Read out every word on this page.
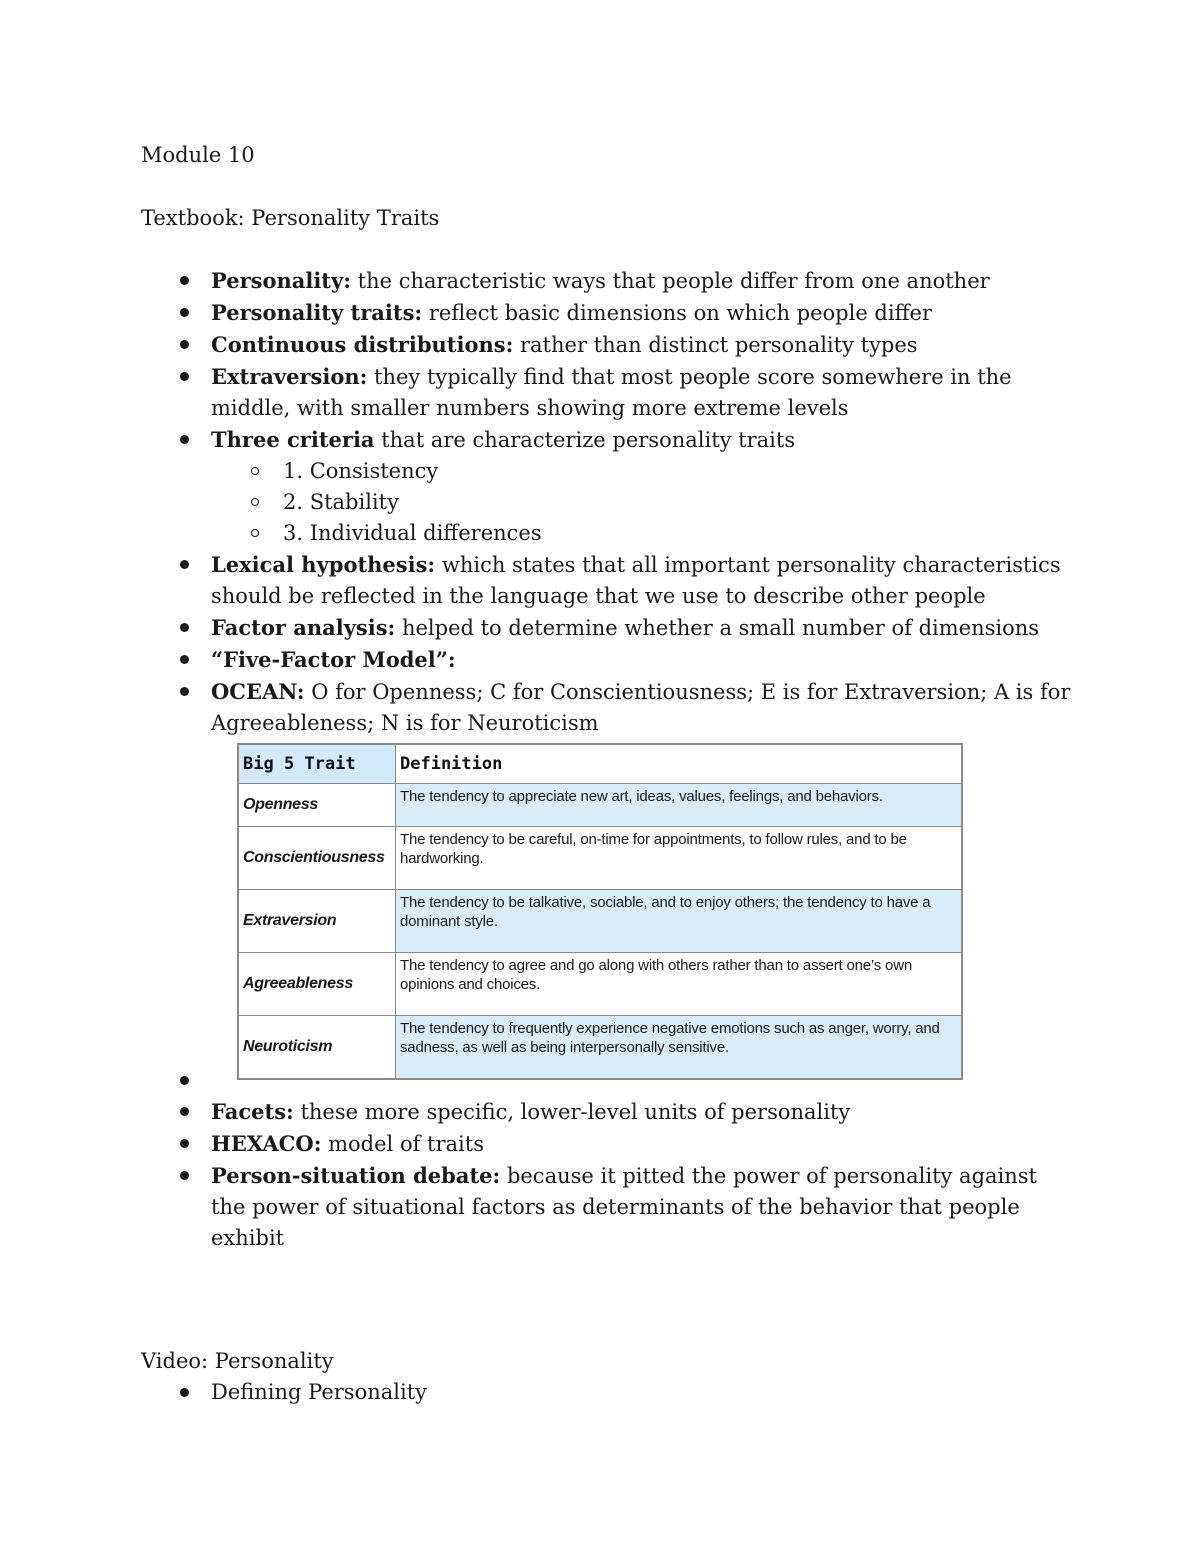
Module 10
Textbook: Personality Traits
Personality: the characteristic ways that people differ from one another
Personality traits: reflect basic dimensions on which people differ
Continuous distributions: rather than distinct personality types
Extraversion: they typically find that most people score somewhere in the middle, with smaller numbers showing more extreme levels
Three criteria that are characterize personality traits
1. Consistency
2. Stability
3. Individual differences
Lexical hypothesis: which states that all important personality characteristics should be reflected in the language that we use to describe other people
Factor analysis: helped to determine whether a small number of dimensions
“Five-Factor Model”:
OCEAN: O for Openness; C for Conscientiousness; E is for Extraversion; A is for Agreeableness; N is for Neuroticism
Big 5 Trait	Definition
Openness	The tendency to appreciate new art, ideas, values, feelings, and behaviors.
Conscientiousness	The tendency to be careful, on-time for appointments, to follow rules, and to be hardworking.
Extraversion	The tendency to be talkative, sociable, and to enjoy others; the tendency to have a dominant style.
Agreeableness	The tendency to agree and go along with others rather than to assert one’s own opinions and choices.
Neuroticism	The tendency to frequently experience negative emotions such as anger, worry, and sadness, as well as being interpersonally sensitive.
Facets: these more specific, lower-level units of personality
HEXACO: model of traits
Person-situation debate: because it pitted the power of personality against the power of situational factors as determinants of the behavior that people exhibit
Video: Personality
Defining Personality
